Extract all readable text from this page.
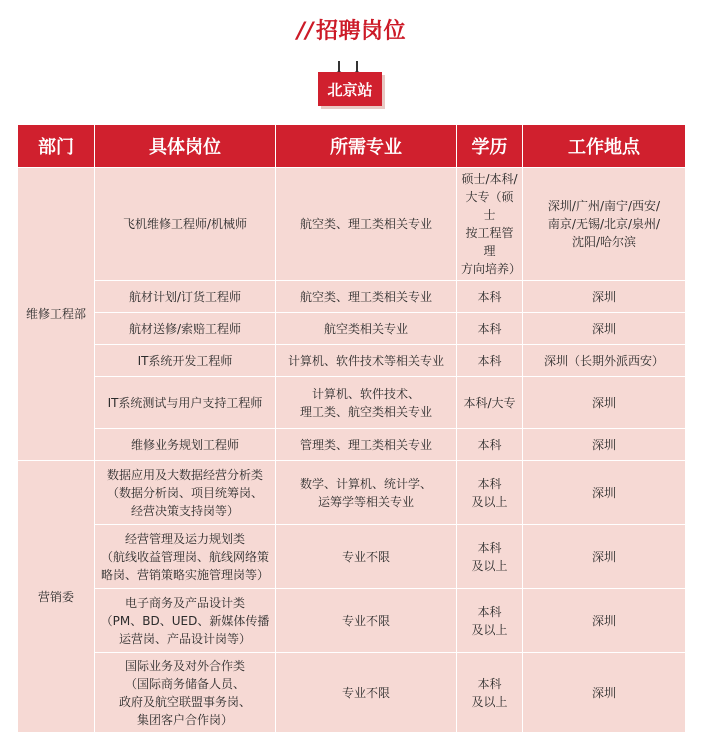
//招聘岗位
北京站
部门	具体岗位	所需专业	学历	工作地点
维修工程部	飞机维修工程师/机械师	航空类、理工类相关专业	硕士/本科/
大专（硕士
按工程管理
方向培养）	深圳/广州/南宁/西安/
南京/无锡/北京/泉州/
沈阳/哈尔滨
	航材计划/订货工程师	航空类、理工类相关专业	本科	深圳
	航材送修/索赔工程师	航空类相关专业	本科	深圳
	IT系统开发工程师	计算机、软件技术等相关专业	本科	深圳（长期外派西安）
	IT系统测试与用户支持工程师	计算机、软件技术、
理工类、航空类相关专业	本科/大专	深圳
	维修业务规划工程师	管理类、理工类相关专业	本科	深圳
营销委	数据应用及大数据经营分析类
（数据分析岗、项目统筹岗、
经营决策支持岗等）	数学、计算机、统计学、
运筹学等相关专业	本科
及以上	深圳
	经营管理及运力规划类
（航线收益管理岗、航线网络策
略岗、营销策略实施管理岗等）	专业不限	本科
及以上	深圳
	电子商务及产品设计类
（PM、BD、UED、新媒体传播
运营岗、产品设计岗等）	专业不限	本科
及以上	深圳
	国际业务及对外合作类
（国际商务储备人员、
政府及航空联盟事务岗、
集团客户合作岗）	专业不限	本科
及以上	深圳
